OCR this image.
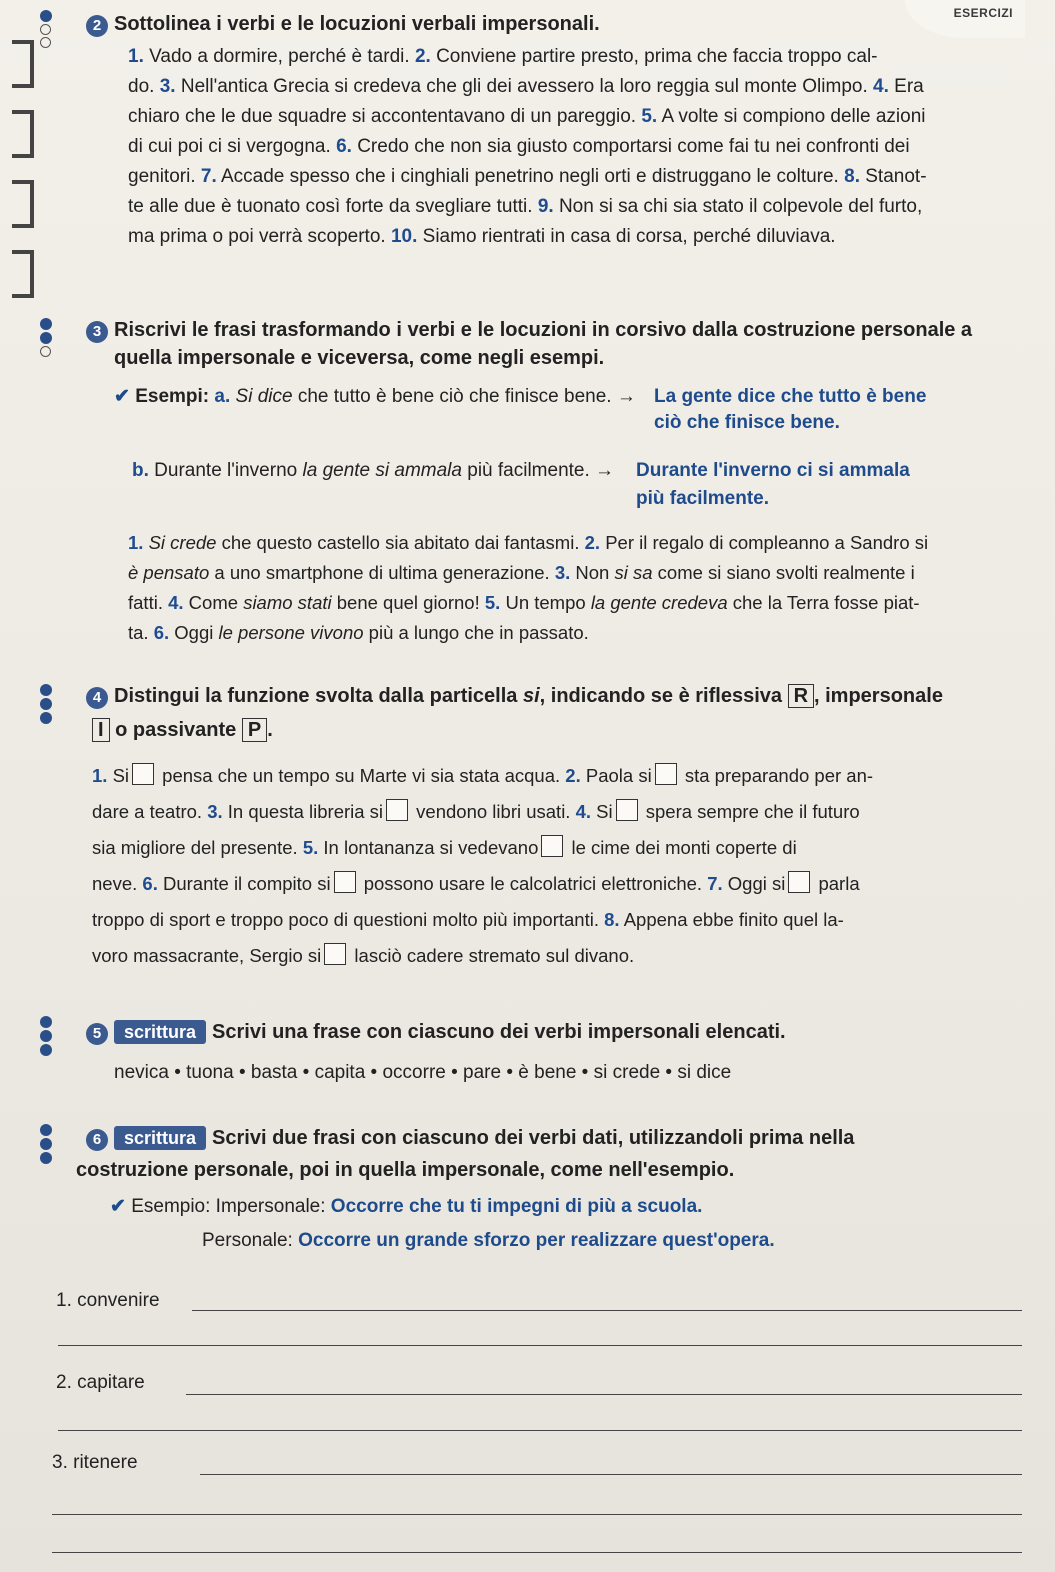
ESERCIZI
2 Sottolinea i verbi e le locuzioni verbali impersonali.
1. Vado a dormire, perché è tardi. 2. Conviene partire presto, prima che faccia troppo cal-
do. 3. Nell'antica Grecia si credeva che gli dei avessero la loro reggia sul monte Olimpo. 4. Era
chiaro che le due squadre si accontentavano di un pareggio. 5. A volte si compiono delle azioni
di cui poi ci si vergogna. 6. Credo che non sia giusto comportarsi come fai tu nei confronti dei
genitori. 7. Accade spesso che i cinghiali penetrino negli orti e distruggano le colture. 8. Stanot-
te alle due è tuonato così forte da svegliare tutti. 9. Non si sa chi sia stato il colpevole del furto,
ma prima o poi verrà scoperto. 10. Siamo rientrati in casa di corsa, perché diluviava.
3 Riscrivi le frasi trasformando i verbi e le locuzioni in corsivo dalla costruzione personale a
quella impersonale e viceversa, come negli esempi.
✔ Esempi: a. Si dice che tutto è bene ciò che finisce bene. → La gente dice che tutto è bene
ciò che finisce bene.
b. Durante l'inverno la gente si ammala più facilmente. → Durante l'inverno ci si ammala
più facilmente.
1. Si crede che questo castello sia abitato dai fantasmi. 2. Per il regalo di compleanno a Sandro si
è pensato a uno smartphone di ultima generazione. 3. Non si sa come si siano svolti realmente i
fatti. 4. Come siamo stati bene quel giorno! 5. Un tempo la gente credeva che la Terra fosse piat-
ta. 6. Oggi le persone vivono più a lungo che in passato.
4 Distingui la funzione svolta dalla particella si, indicando se è riflessiva R , impersonale
I o passivante P .
1. Si pensa che un tempo su Marte vi sia stata acqua. 2. Paola si sta preparando per an-
dare a teatro. 3. In questa libreria si vendono libri usati. 4. Si spera sempre che il futuro
sia migliore del presente. 5. In lontananza si vedevano le cime dei monti coperte di
neve. 6. Durante il compito si possono usare le calcolatrici elettroniche. 7. Oggi si parla
troppo di sport e troppo poco di questioni molto più importanti. 8. Appena ebbe finito quel la-
voro massacrante, Sergio si lasciò cadere stremato sul divano.
5 scrittura Scrivi una frase con ciascuno dei verbi impersonali elencati.
nevica • tuona • basta • capita • occorre • pare • è bene • si crede • si dice
6 scrittura Scrivi due frasi con ciascuno dei verbi dati, utilizzandoli prima nella
costruzione personale, poi in quella impersonale, come nell'esempio.
✔ Esempio: Impersonale: Occorre che tu ti impegni di più a scuola.
Personale: Occorre un grande sforzo per realizzare quest'opera.
1. convenire
2. capitare
3. ritenere
